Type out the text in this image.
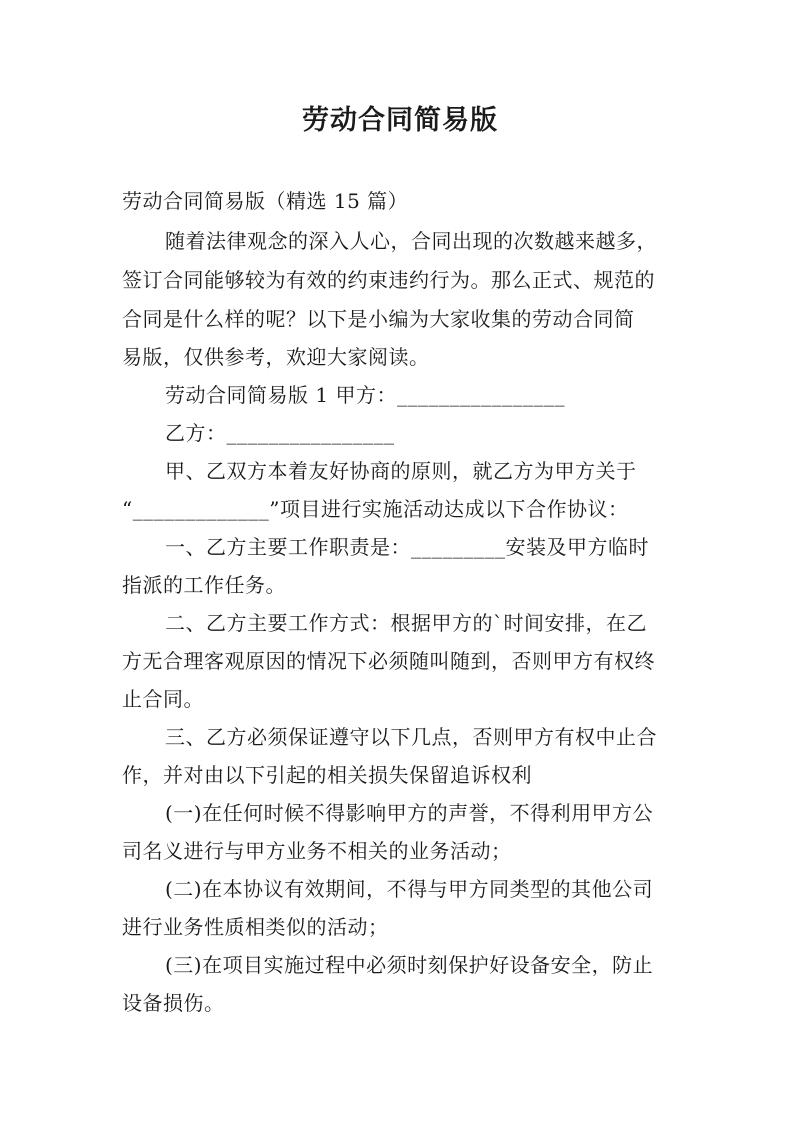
劳动合同简易版

劳动合同简易版（精选 15 篇）

随着法律观念的深入人心，合同出现的次数越来越多，

签订合同能够较为有效的约束违约行为。那么正式、规范的

合同是什么样的呢？以下是小编为大家收集的劳动合同简

易版，仅供参考，欢迎大家阅读。

劳动合同简易版 1 甲方：________________

乙方：________________

甲、乙双方本着友好协商的原则，就乙方为甲方关于

“_____________”项目进行实施活动达成以下合作协议：

一、乙方主要工作职责是：_________安装及甲方临时

指派的工作任务。

二、乙方主要工作方式：根据甲方的`时间安排，在乙

方无合理客观原因的情况下必须随叫随到，否则甲方有权终

止合同。

三、乙方必须保证遵守以下几点，否则甲方有权中止合

作，并对由以下引起的相关损失保留追诉权利

(一)在任何时候不得影响甲方的声誉，不得利用甲方公

司名义进行与甲方业务不相关的业务活动；

(二)在本协议有效期间，不得与甲方同类型的其他公司

进行业务性质相类似的活动；

(三)在项目实施过程中必须时刻保护好设备安全，防止

设备损伤。
